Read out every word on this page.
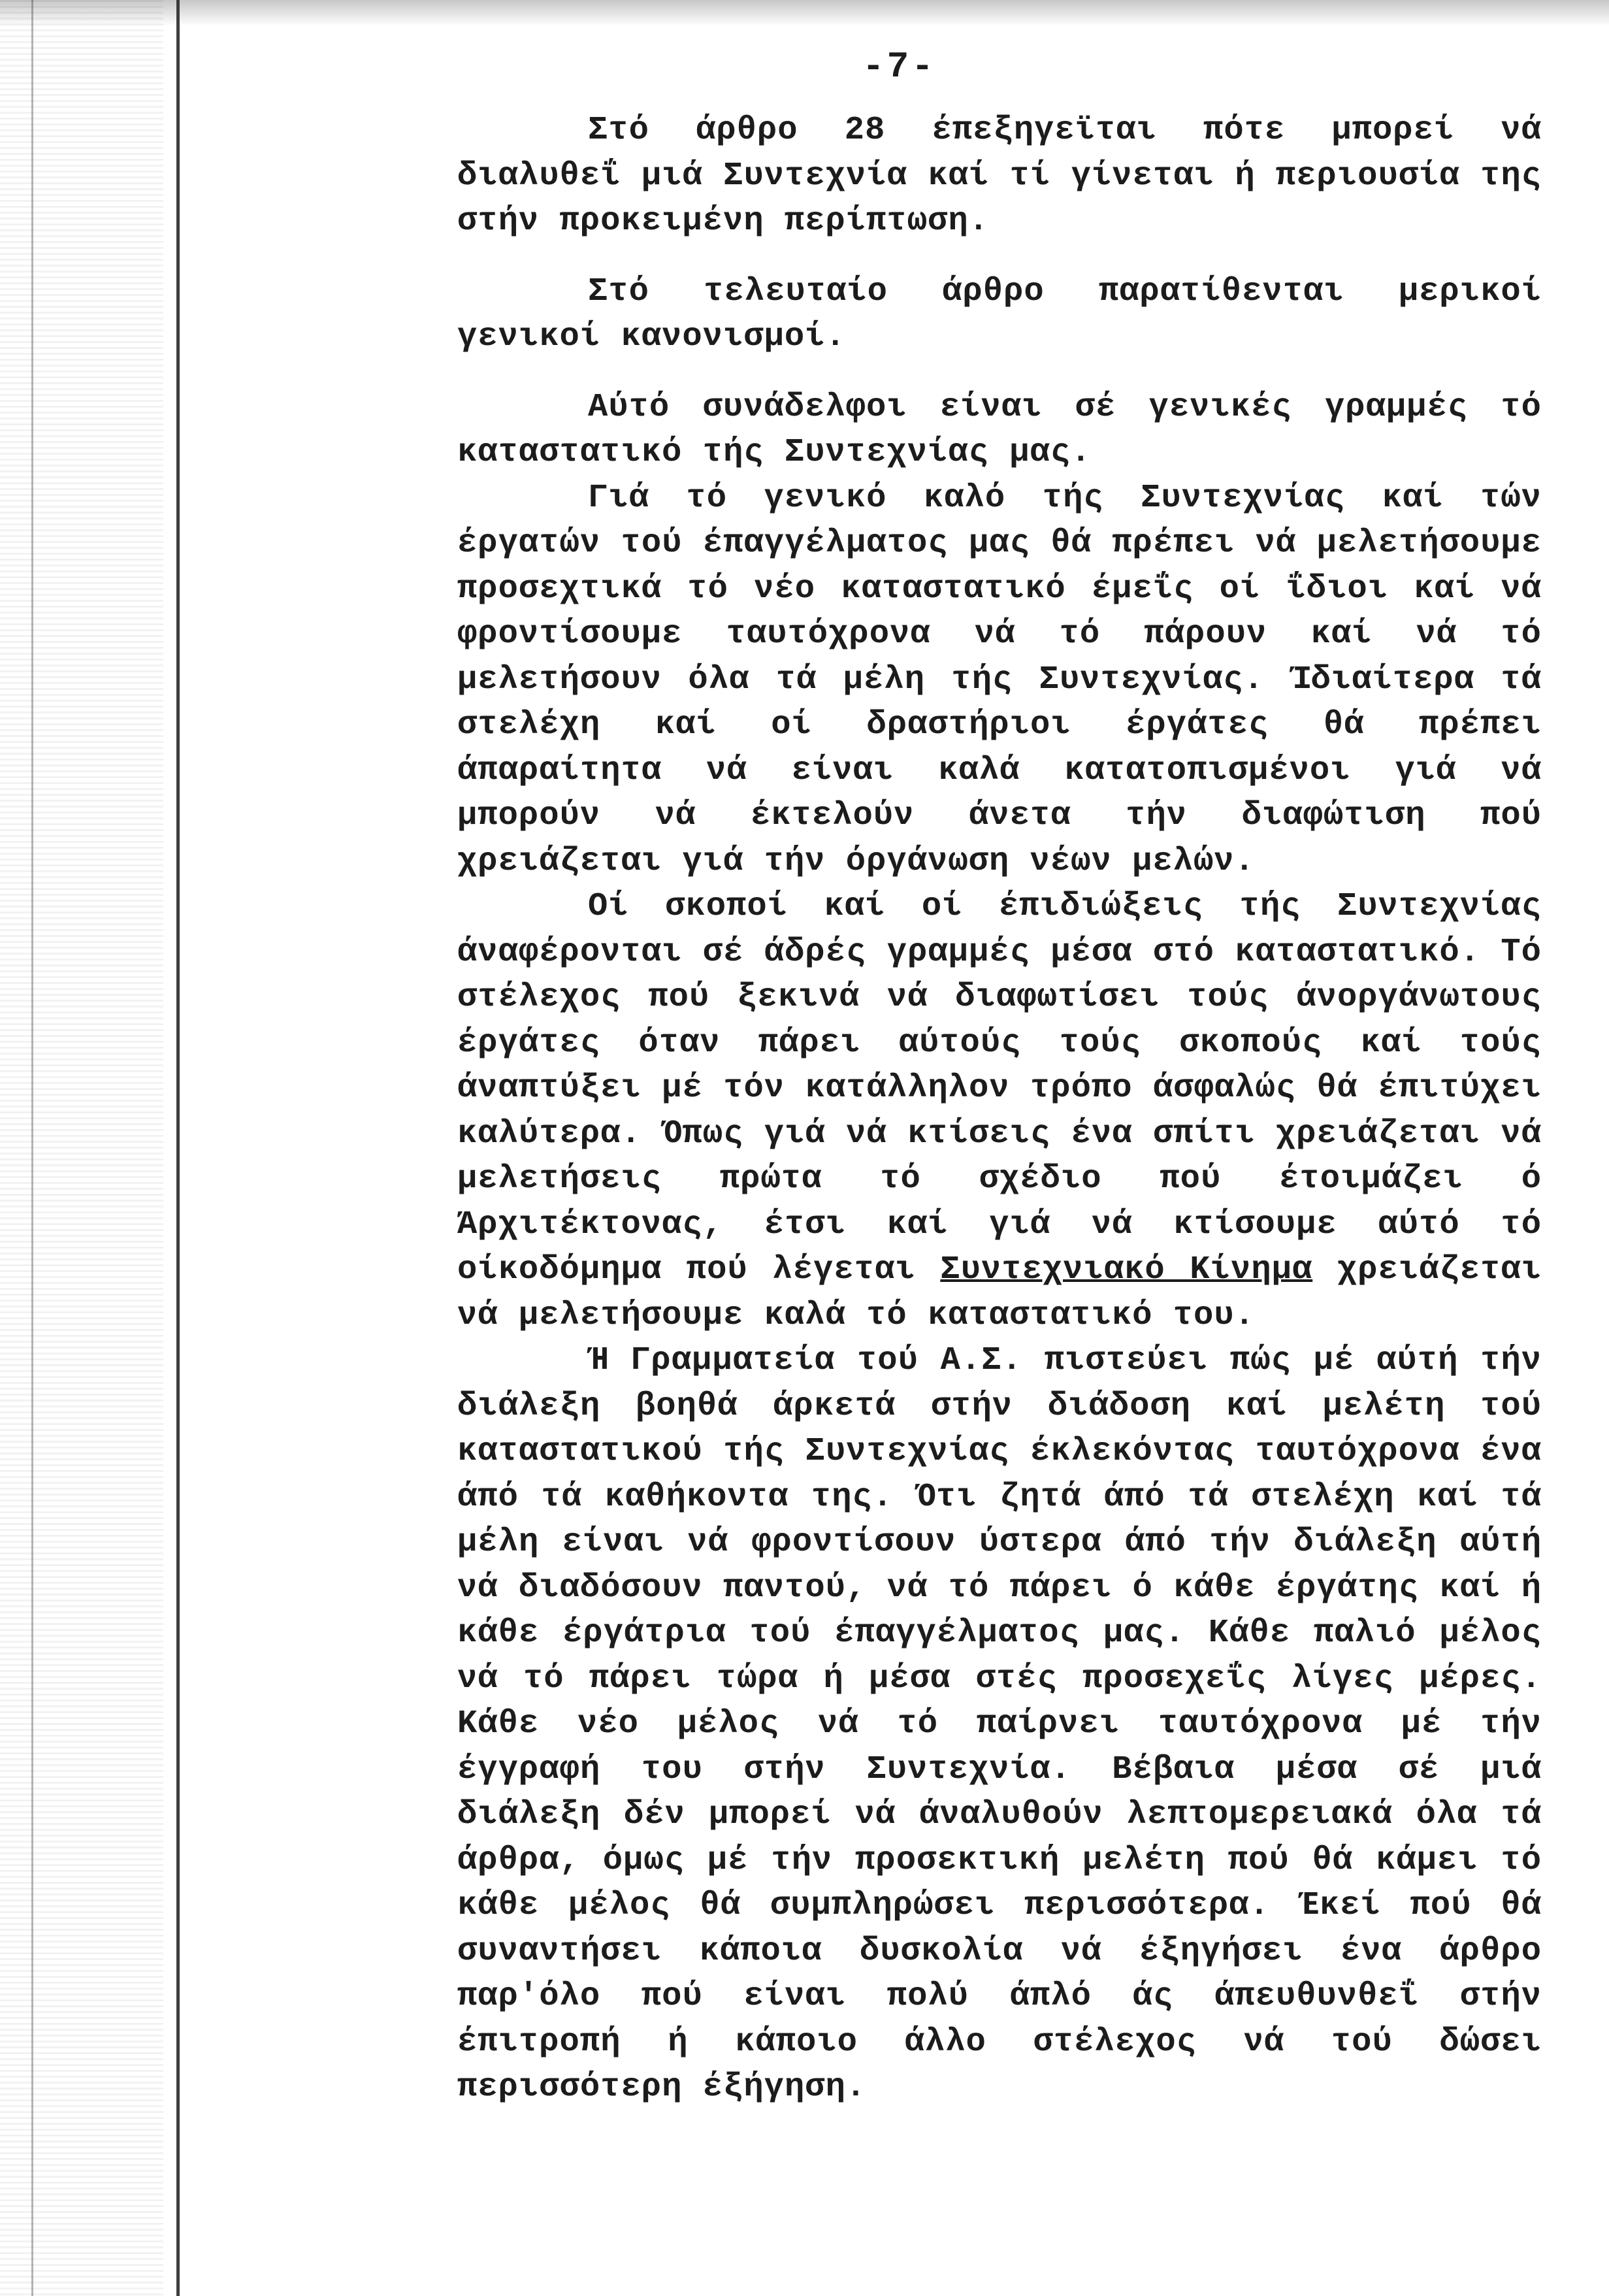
-7-

Στό άρθρο 28 έπεξηγεϊται πότε μπορεί νά διαλυθεΐ μιά Συντεχνία καί τί γίνεται ή περιουσία της στήν προκειμένη περίπτωση.

Στό τελευταίο άρθρο παρατίθενται μερικοί γενικοί κανονισμοί.

Αύτό συνάδελφοι είναι σέ γενικές γραμμές τό καταστατικό τής Συντεχνίας μας.

Γιά τό γενικό καλό τής Συντεχνίας καί τών έργατών τού έπαγγέλματος μας θά πρέπει νά μελετήσουμε προσεχτικά τό νέο καταστατικό έμεΐς οί ΐδιοι καί νά φροντίσουμε ταυτόχρονα νά τό πάρουν καί νά τό μελετήσουν όλα τά μέλη τής Συντεχνίας. Ίδιαίτερα τά στελέχη καί οί δραστήριοι έργάτες θά πρέπει άπαραίτητα νά είναι καλά κατατοπισμένοι γιά νά μπορούν νά έκτελούν άνετα τήν διαφώτιση πού χρειάζεται γιά τήν όργάνωση νέων μελών.

Οί σκοποί καί οί έπιδιώξεις τής Συντεχνίας άναφέρονται σέ άδρές γραμμές μέσα στό καταστατικό. Τό στέλεχος πού ξεκινά νά διαφωτίσει τούς άνοργάνωτους έργάτες όταν πάρει αύτούς τούς σκοπούς καί τούς άναπτύξει μέ τόν κατάλληλον τρόπο άσφαλώς θά έπιτύχει καλύτερα. Όπως γιά νά κτίσεις ένα σπίτι χρειάζεται νά μελετήσεις πρώτα τό σχέδιο πού έτοιμάζει ό Άρχιτέκτονας, έτσι καί γιά νά κτίσουμε αύτό τό οίκοδόμημα πού λέγεται Συντεχνιακό Κίνημα χρειάζεται νά μελετήσουμε καλά τό καταστατικό του.

Ή Γραμματεία τού Α.Σ. πιστεύει πώς μέ αύτή τήν διάλεξη βοηθά άρκετά στήν διάδοση καί μελέτη τού καταστατικού τής Συντεχνίας έκλεκόντας ταυτόχρονα ένα άπό τά καθήκοντα της. Ότι ζητά άπό τά στελέχη καί τά μέλη είναι νά φροντίσουν ύστερα άπό τήν διάλεξη αύτή νά διαδόσουν παντού, νά τό πάρει ό κάθε έργάτης καί ή κάθε έργάτρια τού έπαγγέλματος μας. Κάθε παλιό μέλος νά τό πάρει τώρα ή μέσα στές προσεχεΐς λίγες μέρες. Κάθε νέο μέλος νά τό παίρνει ταυτόχρονα μέ τήν έγγραφή του στήν Συντεχνία. Βέβαια μέσα σέ μιά διάλεξη δέν μπορεί νά άναλυθούν λεπτομερειακά όλα τά άρθρα, όμως μέ τήν προσεκτική μελέτη πού θά κάμει τό κάθε μέλος θά συμπληρώσει περισσότερα. Έκεί πού θά συναντήσει κάποια δυσκολία νά έξηγήσει ένα άρθρο παρ'όλο πού είναι πολύ άπλό άς άπευθυνθεΐ στήν έπιτροπή ή κάποιο άλλο στέλεχος νά τού δώσει περισσότερη έξήγηση.
